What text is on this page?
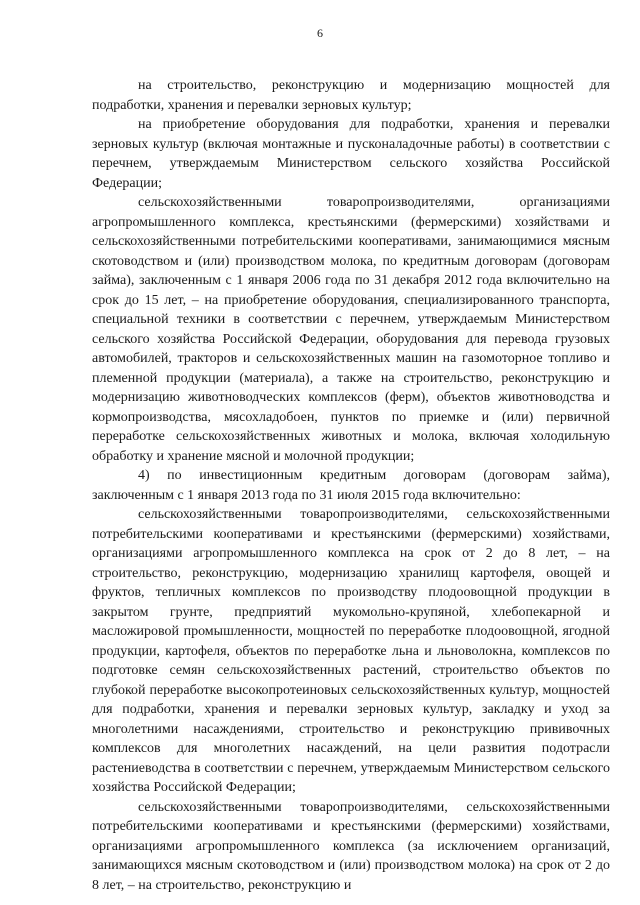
6

на строительство, реконструкцию и модернизацию мощностей для подработки, хранения и перевалки зерновых культур;

на приобретение оборудования для подработки, хранения и перевалки зерновых культур (включая монтажные и пусконаладочные работы) в соответствии с перечнем, утверждаемым Министерством сельского хозяйства Российской Федерации;

сельскохозяйственными товаропроизводителями, организациями агропромышленного комплекса, крестьянскими (фермерскими) хозяйствами и сельскохозяйственными потребительскими кооперативами, занимающимися мясным скотоводством и (или) производством молока, по кредитным договорам (договорам займа), заключенным с 1 января 2006 года по 31 декабря 2012 года включительно на срок до 15 лет, – на приобретение оборудования, специализированного транспорта, специальной техники в соответствии с перечнем, утверждаемым Министерством сельского хозяйства Российской Федерации, оборудования для перевода грузовых автомобилей, тракторов и сельскохозяйственных машин на газомоторное топливо и племенной продукции (материала), а также на строительство, реконструкцию и модернизацию животноводческих комплексов (ферм), объектов животноводства и кормопроизводства, мясохладобоен, пунктов по приемке и (или) первичной переработке сельскохозяйственных животных и молока, включая холодильную обработку и хранение мясной и молочной продукции;

4) по инвестиционным кредитным договорам (договорам займа), заключенным с 1 января 2013 года по 31 июля 2015 года включительно:

сельскохозяйственными товаропроизводителями, сельскохозяйственными потребительскими кооперативами и крестьянскими (фермерскими) хозяйствами, организациями агропромышленного комплекса на срок от 2 до 8 лет, – на строительство, реконструкцию, модернизацию хранилищ картофеля, овощей и фруктов, тепличных комплексов по производству плодоовощной продукции в закрытом грунте, предприятий мукомольно-крупяной, хлебопекарной и масложировой промышленности, мощностей по переработке плодоовощной, ягодной продукции, картофеля, объектов по переработке льна и льноволокна, комплексов по подготовке семян сельскохозяйственных растений, строительство объектов по глубокой переработке высокопротеиновых сельскохозяйственных культур, мощностей для подработки, хранения и перевалки зерновых культур, закладку и уход за многолетними насаждениями, строительство и реконструкцию прививочных комплексов для многолетних насаждений, на цели развития подотрасли растениеводства в соответствии с перечнем, утверждаемым Министерством сельского хозяйства Российской Федерации;

сельскохозяйственными товаропроизводителями, сельскохозяйственными потребительскими кооперативами и крестьянскими (фермерскими) хозяйствами, организациями агропромышленного комплекса (за исключением организаций, занимающихся мясным скотоводством и (или) производством молока) на срок от 2 до 8 лет, – на строительство, реконструкцию и
